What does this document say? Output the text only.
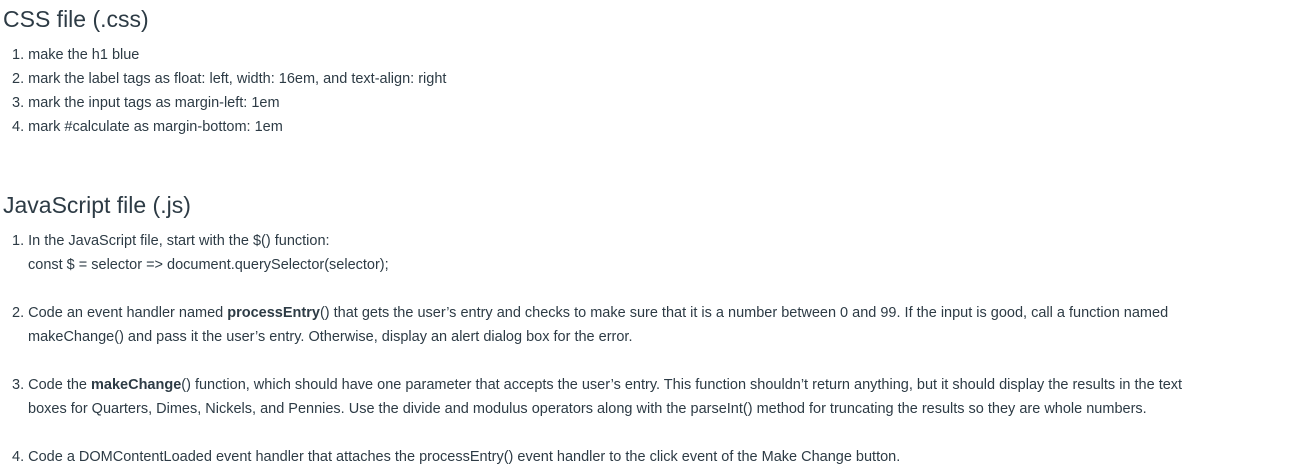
CSS file (.css)

1. make the h1 blue

2. mark the label tags as float: left, width: 16em, and text-align: right

3. mark the input tags as margin-left: 1em

4. mark #calculate as margin-bottom: 1em

JavaScript file (.js)

1. In the JavaScript file, start with the $() function:

const $ = selector => document.querySelector(selector);

2. Code an event handler named processEntry() that gets the user’s entry and checks to make sure that it is a number between 0 and 99. If the input is good, call a function named

makeChange() and pass it the user’s entry. Otherwise, display an alert dialog box for the error.

3. Code the makeChange() function, which should have one parameter that accepts the user’s entry. This function shouldn’t return anything, but it should display the results in the text

boxes for Quarters, Dimes, Nickels, and Pennies. Use the divide and modulus operators along with the parseInt() method for truncating the results so they are whole numbers.

4. Code a DOMContentLoaded event handler that attaches the processEntry() event handler to the click event of the Make Change button.
